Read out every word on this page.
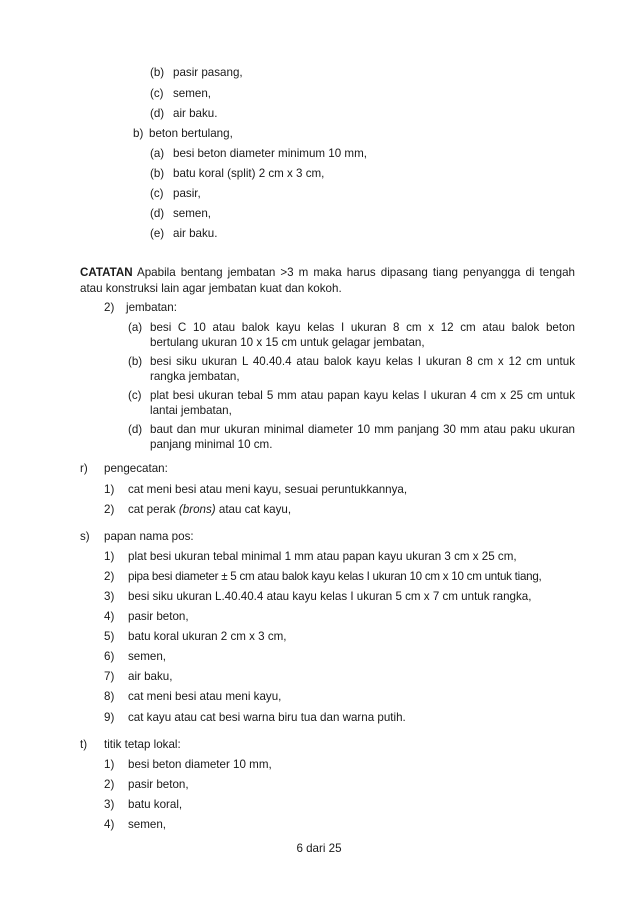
(b) pasir pasang,
(c) semen,
(d) air baku.
b) beton bertulang,
(a) besi beton diameter minimum 10 mm,
(b) batu koral (split) 2 cm x 3 cm,
(c) pasir,
(d) semen,
(e) air baku.
CATATAN Apabila bentang jembatan >3 m maka harus dipasang tiang penyangga di tengah
atau konstruksi lain agar jembatan kuat dan kokoh.
2) jembatan:
(a) besi C 10 atau balok kayu kelas I ukuran 8 cm x 12 cm atau balok beton
bertulang ukuran 10 x 15 cm untuk gelagar jembatan,
(b) besi siku ukuran L 40.40.4 atau balok kayu kelas I ukuran 8 cm x 12 cm untuk
rangka jembatan,
(c) plat besi ukuran tebal 5 mm atau papan kayu kelas I ukuran 4 cm x 25 cm untuk
lantai jembatan,
(d) baut dan mur ukuran minimal diameter 10 mm panjang 30 mm atau paku ukuran
panjang minimal 10 cm.
r) pengecatan:
1) cat meni besi atau meni kayu, sesuai peruntukkannya,
2) cat perak (brons) atau cat kayu,
s) papan nama pos:
1) plat besi ukuran tebal minimal 1 mm atau papan kayu ukuran 3 cm x 25 cm,
2) pipa besi diameter ± 5 cm atau balok kayu kelas I ukuran 10 cm x 10 cm untuk tiang,
3) besi siku ukuran L.40.40.4 atau kayu kelas I ukuran 5 cm x 7 cm untuk rangka,
4) pasir beton,
5) batu koral ukuran 2 cm x 3 cm,
6) semen,
7) air baku,
8) cat meni besi atau meni kayu,
9) cat kayu atau cat besi warna biru tua dan warna putih.
t) titik tetap lokal:
1) besi beton diameter 10 mm,
2) pasir beton,
3) batu koral,
4) semen,
6 dari 25
